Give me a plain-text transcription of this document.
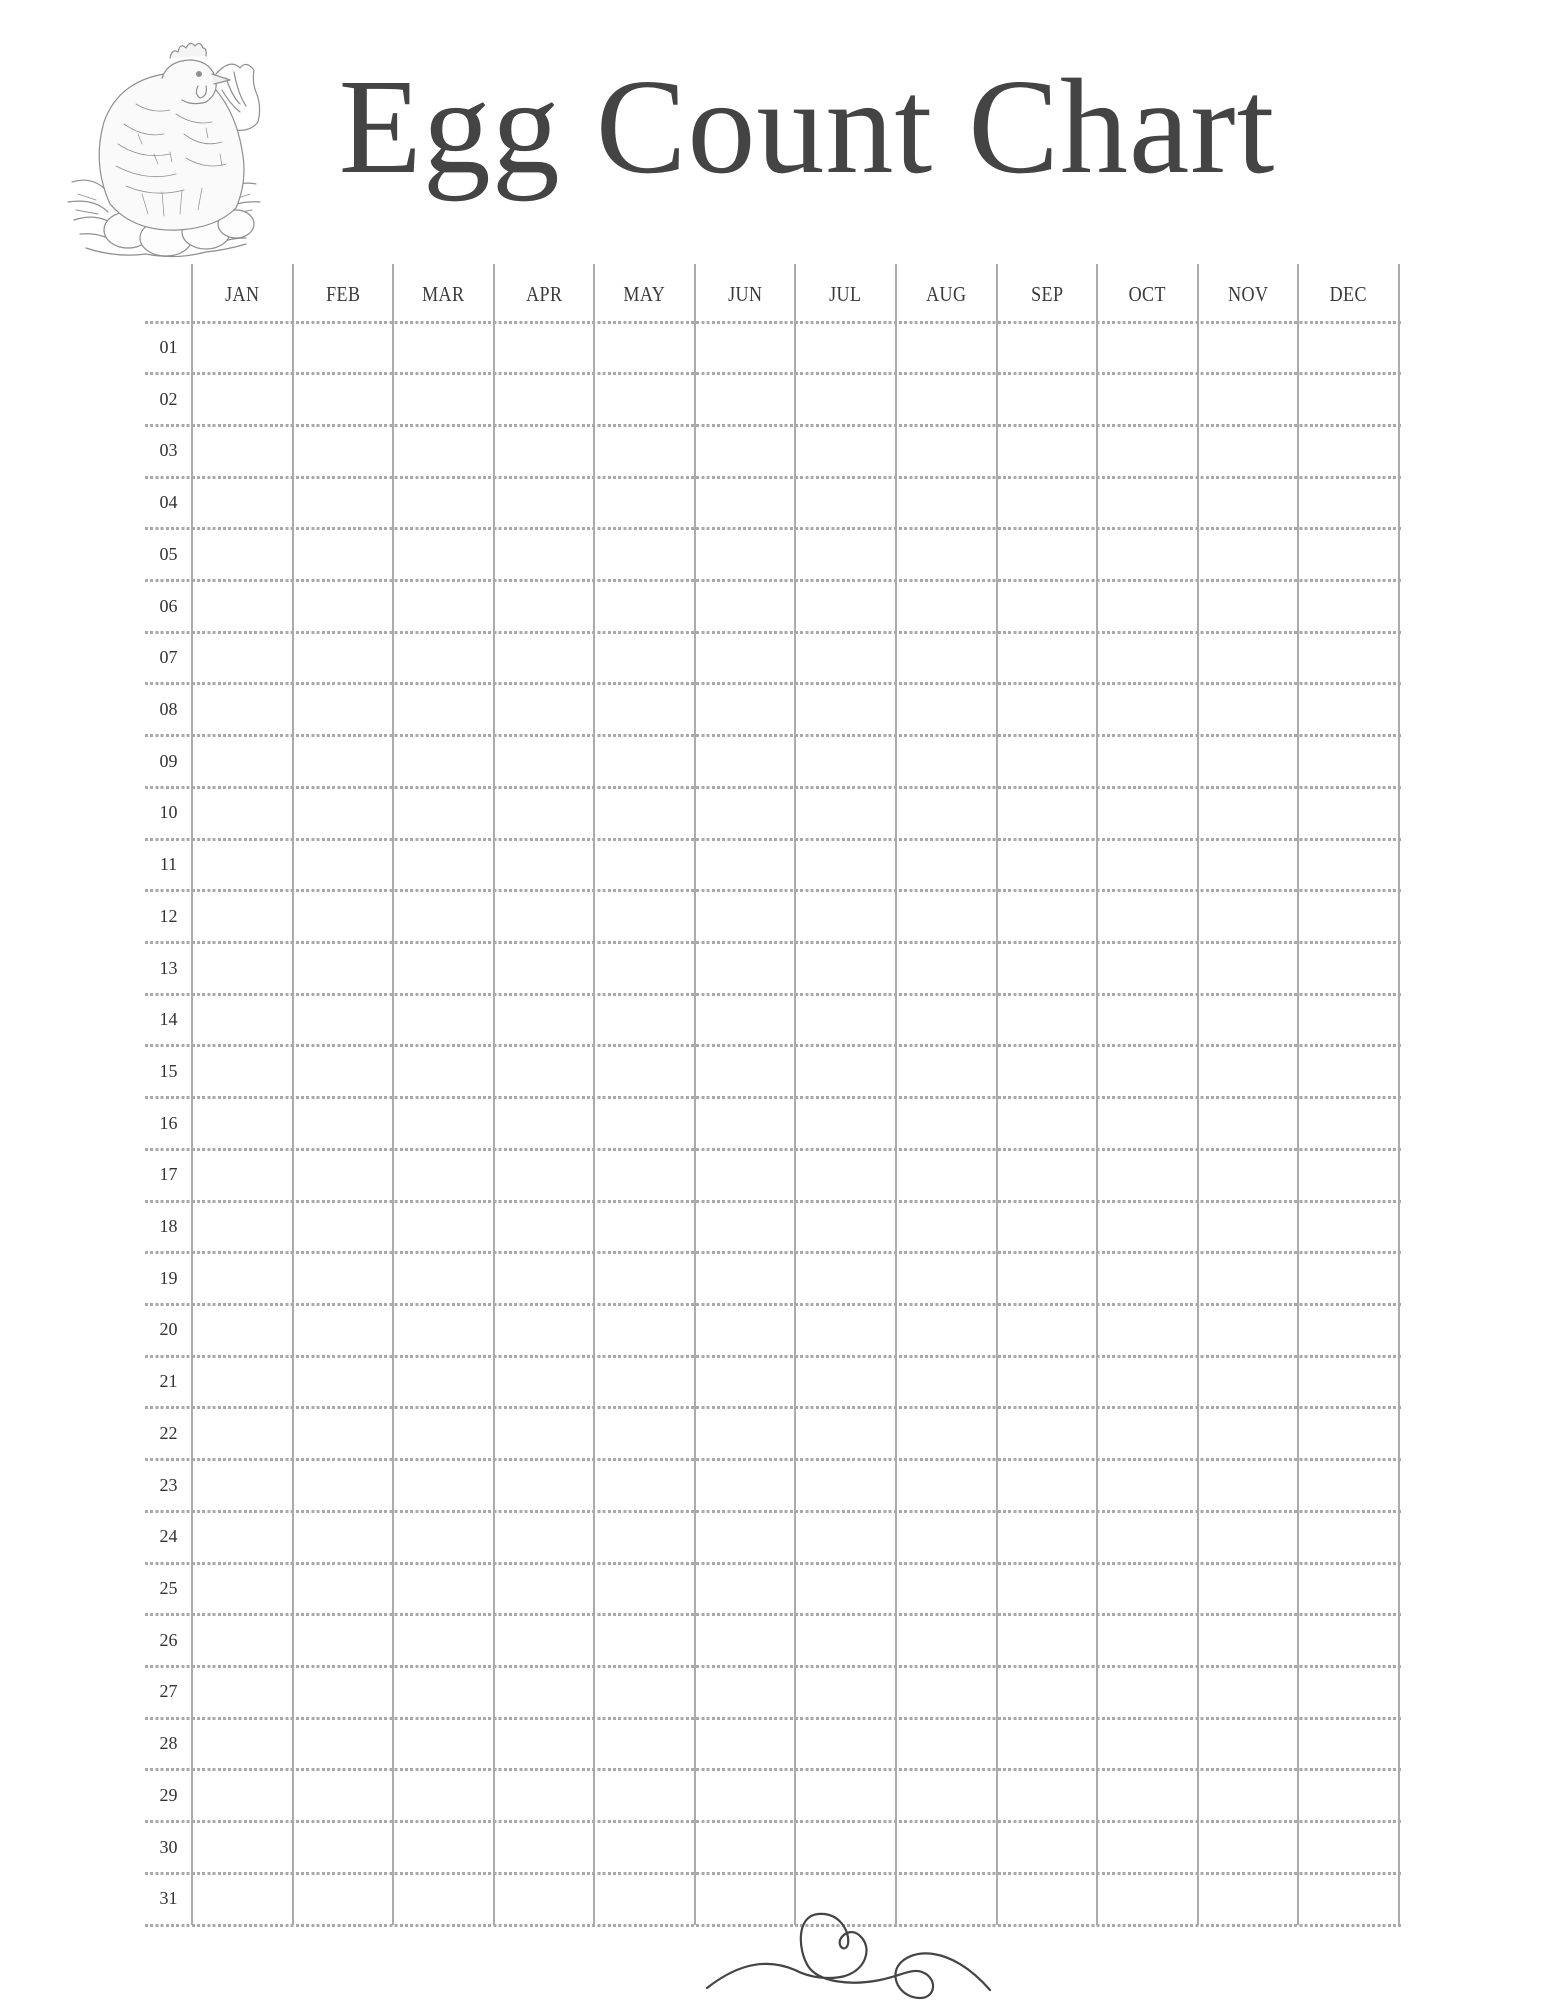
Egg Count Chart
JAN	FEB	MAR	APR	MAY	JUN	JUL	AUG	SEP	OCT	NOV	DEC
01
02
03
04
05
06
07
08
09
10
11
12
13
14
15
16
17
18
19
20
21
22
23
24
25
26
27
28
29
30
31
